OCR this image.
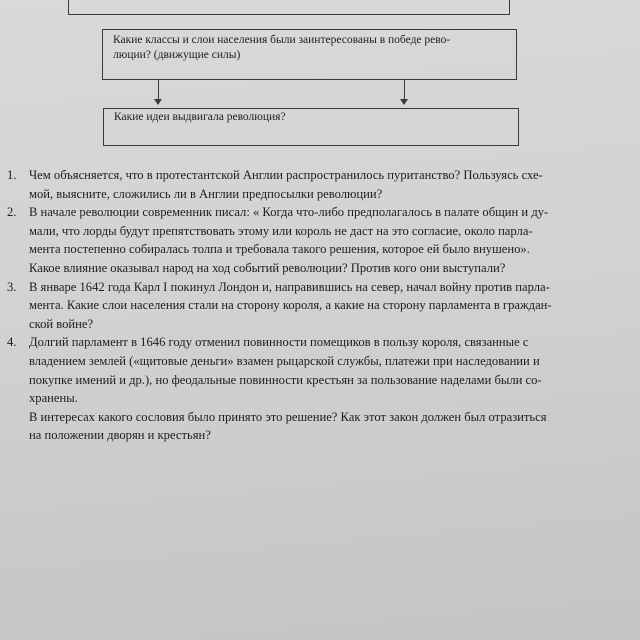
Какие классы и слои населения были заинтересованы в победе рево-
люции? (движущие силы)
Какие идеи выдвигала революция?
1. Чем объясняется, что в протестантской Англии распространилось пуританство? Пользуясь схе-
мой, выясните, сложились ли в Англии предпосылки революции?
2. В начале революции современник писал: « Когда что-либо предполагалось в палате общин и ду-
мали, что лорды будут препятствовать этому или король не даст на это согласие, около парла-
мента постепенно собиралась толпа и требовала такого решения, которое ей было внушено».
Какое влияние оказывал народ на ход событий революции? Против кого они выступали?
3. В январе 1642 года Карл I покинул Лондон и, направившись на север, начал войну против парла-
мента. Какие слои населения стали на сторону короля, а какие на сторону парламента в граждан-
ской войне?
4. Долгий парламент в 1646 году отменил повинности помещиков в пользу короля, связанные с
владением землей («щитовые деньги» взамен рыцарской службы, платежи при наследовании и
покупке имений и др.), но феодальные повинности крестьян за пользование наделами были со-
хранены.
В интересах какого сословия было принято это решение? Как этот закон должен был отразиться
на положении дворян и крестьян?
